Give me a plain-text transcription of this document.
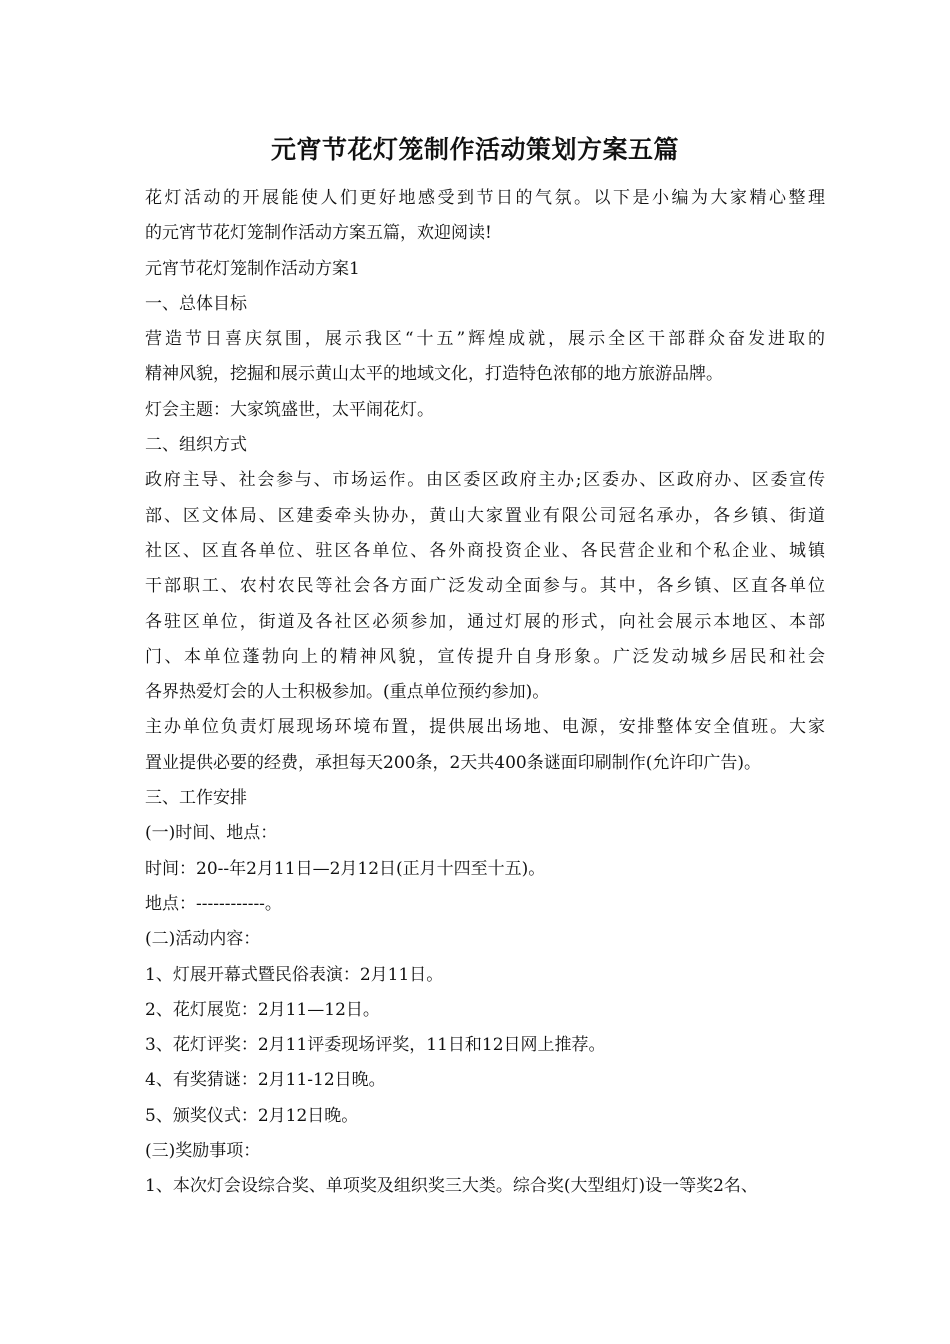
元宵节花灯笼制作活动策划方案五篇
花灯活动的开展能使人们更好地感受到节日的气氛。以下是小编为大家精心整理
的元宵节花灯笼制作活动方案五篇，欢迎阅读!
元宵节花灯笼制作活动方案1
一、总体目标
营造节日喜庆氛围，展示我区“十五”辉煌成就，展示全区干部群众奋发进取的
精神风貌，挖掘和展示黄山太平的地域文化，打造特色浓郁的地方旅游品牌。
灯会主题：大家筑盛世，太平闹花灯。
二、组织方式
政府主导、社会参与、市场运作。由区委区政府主办;区委办、区政府办、区委宣传
部、区文体局、区建委牵头协办，黄山大家置业有限公司冠名承办，各乡镇、街道
社区、区直各单位、驻区各单位、各外商投资企业、各民营企业和个私企业、城镇
干部职工、农村农民等社会各方面广泛发动全面参与。其中，各乡镇、区直各单位
各驻区单位，街道及各社区必须参加，通过灯展的形式，向社会展示本地区、本部
门、本单位蓬勃向上的精神风貌，宣传提升自身形象。广泛发动城乡居民和社会
各界热爱灯会的人士积极参加。(重点单位预约参加)。
主办单位负责灯展现场环境布置，提供展出场地、电源，安排整体安全值班。大家
置业提供必要的经费，承担每天200条，2天共400条谜面印刷制作(允许印广告)。
三、工作安排
(一)时间、地点：
时间：20--年2月11日—2月12日(正月十四至十五)。
地点：------------。
(二)活动内容：
1、灯展开幕式暨民俗表演：2月11日。
2、花灯展览：2月11—12日。
3、花灯评奖：2月11评委现场评奖，11日和12日网上推荐。
4、有奖猜谜：2月11-12日晚。
5、颁奖仪式：2月12日晚。
(三)奖励事项：
1、本次灯会设综合奖、单项奖及组织奖三大类。综合奖(大型组灯)设一等奖2名、
